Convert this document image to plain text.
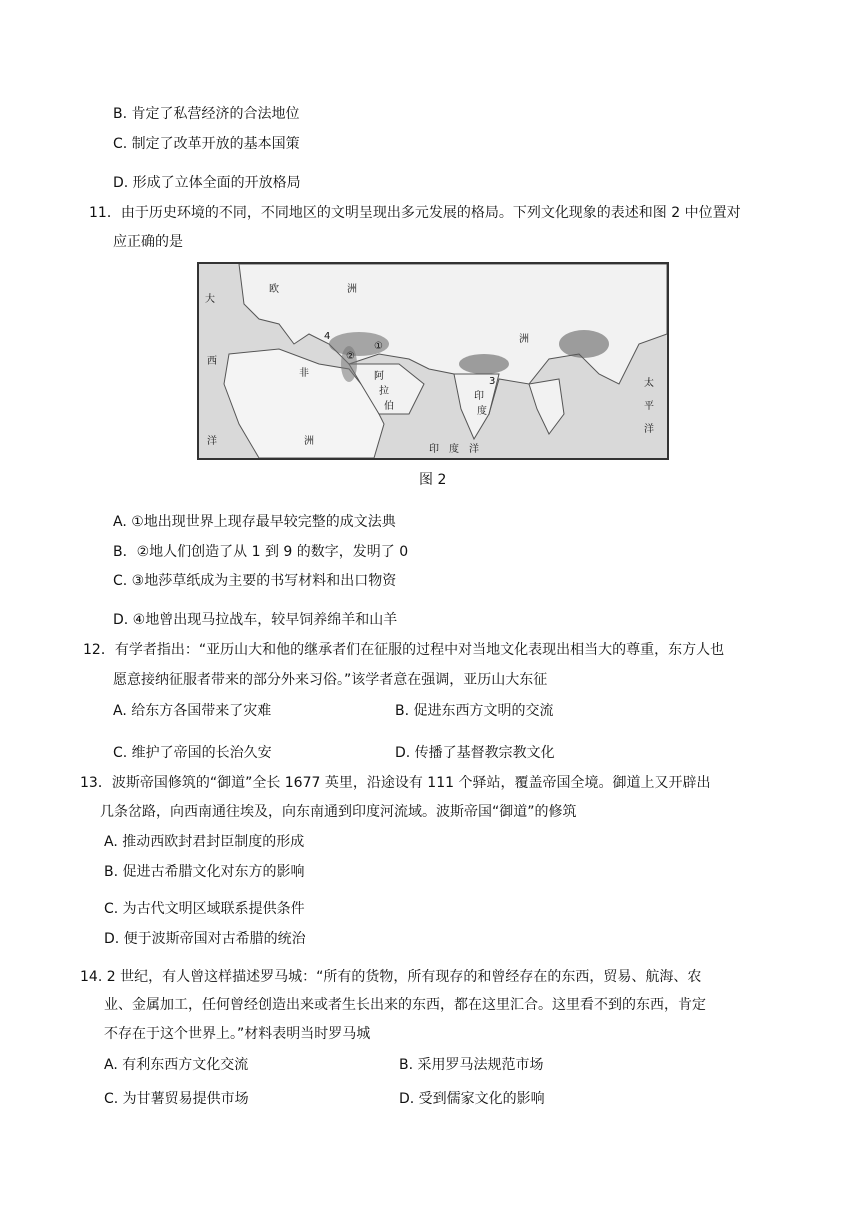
B. 肯定了私营经济的合法地位
C. 制定了改革开放的基本国策
D. 形成了立体全面的开放格局
11．由于历史环境的不同，不同地区的文明呈现出多元发展的格局。下列文化现象的表述和图 2 中位置对
应正确的是
大
欧	洲
西
洋
非
洲
阿
拉
伯
印
度
印　度　洋
太
平
洋
洲
①
②
3
4
图 2
A. ①地出现世界上现存最早较完整的成文法典
B．②地人们创造了从 1 到 9 的数字，发明了 0
C. ③地莎草纸成为主要的书写材料和出口物资
D. ④地曾出现马拉战车，较早饲养绵羊和山羊
12．有学者指出：“亚历山大和他的继承者们在征服的过程中对当地文化表现出相当大的尊重，东方人也
愿意接纳征服者带来的部分外来习俗。”该学者意在强调，亚历山大东征
A. 给东方各国带来了灾难	B. 促进东西方文明的交流
C. 维护了帝国的长治久安	D. 传播了基督教宗教文化
13．波斯帝国修筑的“御道”全长 1677 英里，沿途设有 111 个驿站，覆盖帝国全境。御道上又开辟出
几条岔路，向西南通往埃及，向东南通到印度河流域。波斯帝国“御道”的修筑
A. 推动西欧封君封臣制度的形成
B. 促进古希腊文化对东方的影响
C. 为古代文明区域联系提供条件
D. 便于波斯帝国对古希腊的统治
14. 2 世纪，有人曾这样描述罗马城：“所有的货物，所有现存的和曾经存在的东西，贸易、航海、农
业、金属加工，任何曾经创造出来或者生长出来的东西，都在这里汇合。这里看不到的东西，肯定
不存在于这个世界上。”材料表明当时罗马城
A. 有利东西方文化交流	B. 采用罗马法规范市场
C. 为甘薯贸易提供市场	D. 受到儒家文化的影响
